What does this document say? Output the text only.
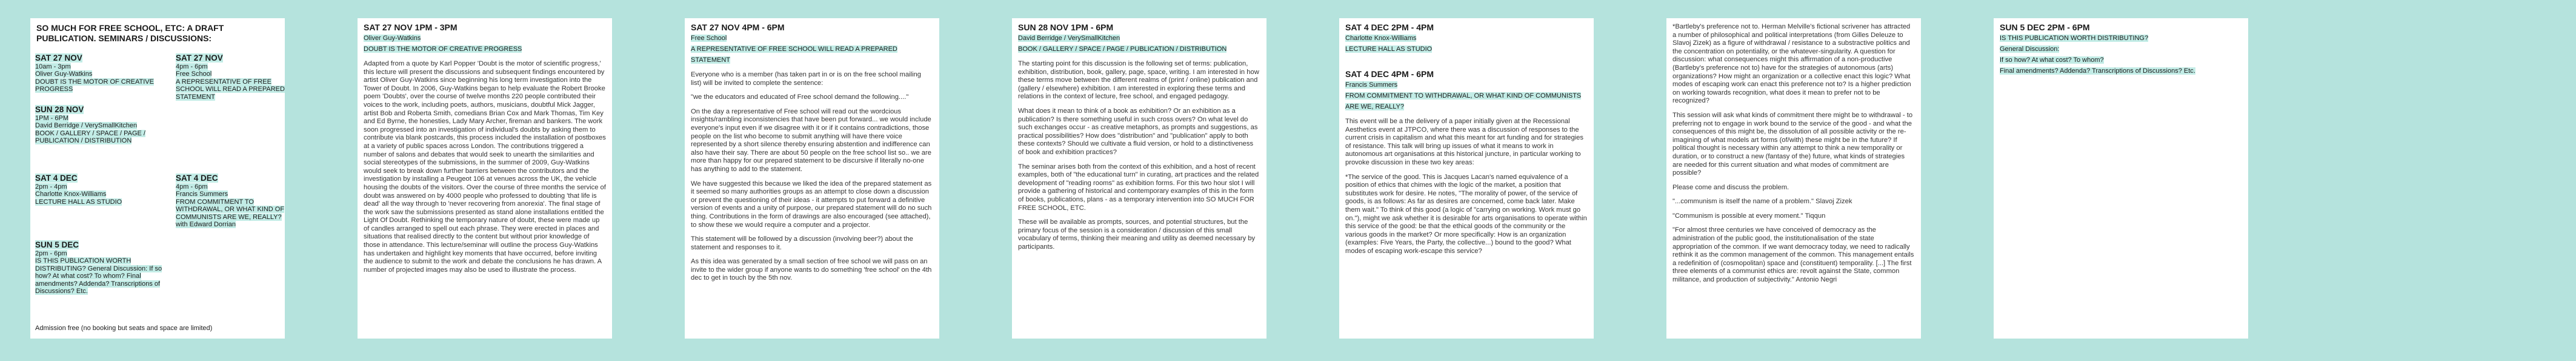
SO MUCH FOR FREE SCHOOL, ETC: A DRAFT PUBLICATION. SEMINARS / DISCUSSIONS:
SAT 27 NOV
10am - 3pm
Oliver Guy-Watkins
DOUBT IS THE MOTOR OF CREATIVE PROGRESS
SAT 27 NOV
4pm - 6pm
Free School
A REPRESENTATIVE OF FREE SCHOOL WILL READ A PREPARED STATEMENT
SUN 28 NOV
1PM - 6PM
David Berridge / VerySmallKitchen
BOOK / GALLERY / SPACE / PAGE / PUBLICATION / DISTRIBUTION
SAT 4 DEC
2pm - 4pm
Charlotte Knox-Williams
LECTURE HALL AS STUDIO
SAT 4 DEC
4pm - 6pm
Francis Summers
FROM COMMITMENT TO WITHDRAWAL, OR WHAT KIND OF COMMUNISTS ARE WE, REALLY?
with Edward Dorrian
SUN 5 DEC
2pm - 6pm
IS THIS PUBLICATION WORTH DISTRIBUTING? General Discussion: If so how? At what cost? To whom? Final amendments? Addenda? Transcriptions of Discussions? Etc.
Admission free (no booking but seats and space are limited)
SAT 27 NOV 1PM - 3PM
Oliver Guy-Watkins
DOUBT IS THE MOTOR OF CREATIVE PROGRESS

Adapted from a quote by Karl Popper 'Doubt is the motor of scientific progress,' this lecture will present the discussions and subsequent findings encountered by artist Oliver Guy-Watkins since beginning his long term investigation into the Tower of Doubt. In 2006, Guy-Watkins began to help evaluate the Robert Brooke poem 'Doubts', over the course of twelve months 220 people contributed their voices to the work, including poets, authors, musicians, doubtful Mick Jagger, artist Bob and Roberta Smith, comedians Brian Cox and Mark Thomas, Tim Key and Ed Byrne, the honesties, Lady Mary Archer, fireman and bankers. The work soon progressed into an investigation of individual's doubts by asking them to contribute via blank postcards, this process included the installation of postboxes at a variety of public spaces across London. The contributions triggered a number of salons and debates that would seek to unearth the similarities and social stereotypes of the submissions, in the summer of 2009, Guy-Watkins would seek to break down further barriers between the contributors and the investigation by installing a Peugeot 106 at venues across the UK, the vehicle housing the doubts of the visitors. Over the course of three months the service of doubt was answered on by 4000 people who professed to doubting 'that life is dead' all the way through to 'never recovering from anorexia'. The final stage of the work saw the submissions presented as stand alone installations entitled the Light Of Doubt. Rethinking the temporary nature of doubt, these were made up of candles arranged to spell out each phrase. They were erected in places and situations that realised directly to the content but without prior knowledge of those in attendance. This lecture/seminar will outline the process Guy-Watkins has undertaken and highlight key moments that have occurred, before inviting the audience to submit to the work and debate the conclusions he has drawn. A number of projected images may also be used to illustrate the process.

SAT 27 NOV 4PM - 6PM
Free School
A REPRESENTATIVE OF FREE SCHOOL WILL READ A PREPARED STATEMENT

Everyone who is a member (has taken part in or is on the free school mailing list) will be invited to complete the sentence:

"we the educators and educated of Free school demand the following...."

On the day a representative of Free school will read out the wordcious insights/rambling inconsistencies that have been put forward... we would include everyone's input even if we disagree with it or if it contains contradictions, those people on the list who become to submit anything will have there voice represented by a short silence thereby ensuring abstention and indifference can also have their say. There are about 50 people on the free school list so.. we are more than happy for our prepared statement to be discursive if literally no-one has anything to add to the statement.

We have suggested this because we liked the idea of the prepared statement as it seemed so many authorities groups as an attempt to close down a discussion or prevent the questioning of their ideas - it attempts to put forward a definitive version of events and a unity of purpose, our prepared statement will do no such thing. Contributions in the form of drawings are also encouraged (see attached), to show these we would require a computer and a projector.

This statement will be followed by a discussion (involving beer?) about the statement and responses to it.

As this idea was generated by a small section of free school we will pass on an invite to the wider group if anyone wants to do something 'free school' on the 4th dec to get in touch by the 5th nov.

SUN 28 NOV 1PM - 6PM
David Berridge / VerySmallKitchen
BOOK / GALLERY / SPACE / PAGE / PUBLICATION / DISTRIBUTION

The starting point for this discussion is the following set of terms: publication, exhibition, distribution, book, gallery, page, space, writing. I am interested in how these terms move between the different realms of (print / online) publication and (gallery / elsewhere) exhibition. I am interested in exploring these terms and relations in the context of lecture, free school, and engaged pedagogy.

What does it mean to think of a book as exhibition? Or an exhibition as a publication? Is there something useful in such cross overs? On what level do such exchanges occur - as creative metaphors, as prompts and suggestions, as practical possibilities? How does "distribution" and "publication" apply to both these contexts? Should we cultivate a fluid version, or hold to a distinctiveness of book and exhibition practices?

The seminar arises both from the context of this exhibition, and a host of recent examples, both of "the educational turn" in curating, art practices and the related development of "reading rooms" as exhibition forms. For this two hour slot I will provide a gathering of historical and contemporary examples of this in the form of books, publications, plans - as a temporary intervention into SO MUCH FOR FREE SCHOOL, ETC.

These will be available as prompts, sources, and potential structures, but the primary focus of the session is a consideration / discussion of this small vocabulary of terms, thinking their meaning and utility as deemed necessary by participants.

SAT 4 DEC 2PM - 4PM
Charlotte Knox-Williams
LECTURE HALL AS STUDIO
SAT 4 DEC 4PM - 6PM
Francis Summers
FROM COMMITMENT TO WITHDRAWAL, OR WHAT KIND OF COMMUNISTS ARE WE, REALLY?

This event will be a the delivery of a paper initially given at the Recessional Aesthetics event at JTPCO, where there was a discussion of responses to the current crisis in capitalism and what this meant for art funding and for strategies of resistance. This talk will bring up issues of what it means to work in autonomous art organisations at this historical juncture, in particular working to provoke discussion in these two key areas:

*The service of the good. This is Jacques Lacan's named equivalence of a position of ethics that chimes with the logic of the market, a position that substitutes work for desire. He notes, "The morality of power, of the service of goods, is as follows: As far as desires are concerned, come back later. Make them wait." To think of this good (a logic of "carrying on working. Work must go on."), might we ask whether it is desirable for arts organisations to operate within this service of the good: be that the ethical goods of the community or the various goods in the market? Or more specifically: How is an organization (examples: Five Years, the Party, the collective...) bound to the good? What modes of escaping work-escape this service?

*Bartleby's preference not to. Herman Melville's fictional scrivener has attracted a number of philosophical and political interpretations (from Gilles Deleuze to Slavoj Zizek) as a figure of withdrawal / resistance to a substractive politics and the concentration on potentiality, or the whatever-singularity. A question for discussion: what consequences might this affirmation of a non-productive (Bartleby's preference not to) have for the strategies of autonomous (arts) organizations? How might an organization or a collective enact this logic? What modes of escaping work can enact this preference not to? Is a higher prediction on working towards recognition, what does it mean to prefer not to be recognized?

This session will ask what kinds of commitment there might be to withdrawal - to preferring not to engage in work bound to the service of the good - and what the consequences of this might be, the dissolution of all possible activity or the re-imagining of what models art forms (of/with) these might be in the future? If political thought is necessary within any attempt to think a new temporality or duration, or to construct a new (fantasy of the) future, what kinds of strategies are needed for this current situation and what modes of commitment are possible?

Please come and discuss the problem.

"...communism is itself the name of a problem." Slavoj Zizek

"Communism is possible at every moment." Tiqqun

"For almost three centuries we have conceived of democracy as the administration of the public good, the institutionalisation of the state appropriation of the common. If we want democracy today, we need to radically rethink it as the common management of the common. This management entails a redefinition of (cosmopolitan) space and (constituent) temporality. [...] The first three elements of a communist ethics are: revolt against the State, common militance, and production of subjectivity." Antonio Negri

SUN 5 DEC 2PM - 6PM
IS THIS PUBLICATION WORTH DISTRIBUTING?
General Discussion:
If so how? At what cost? To whom?
Final amendments? Addenda? Transcriptions of Discussions? Etc.
